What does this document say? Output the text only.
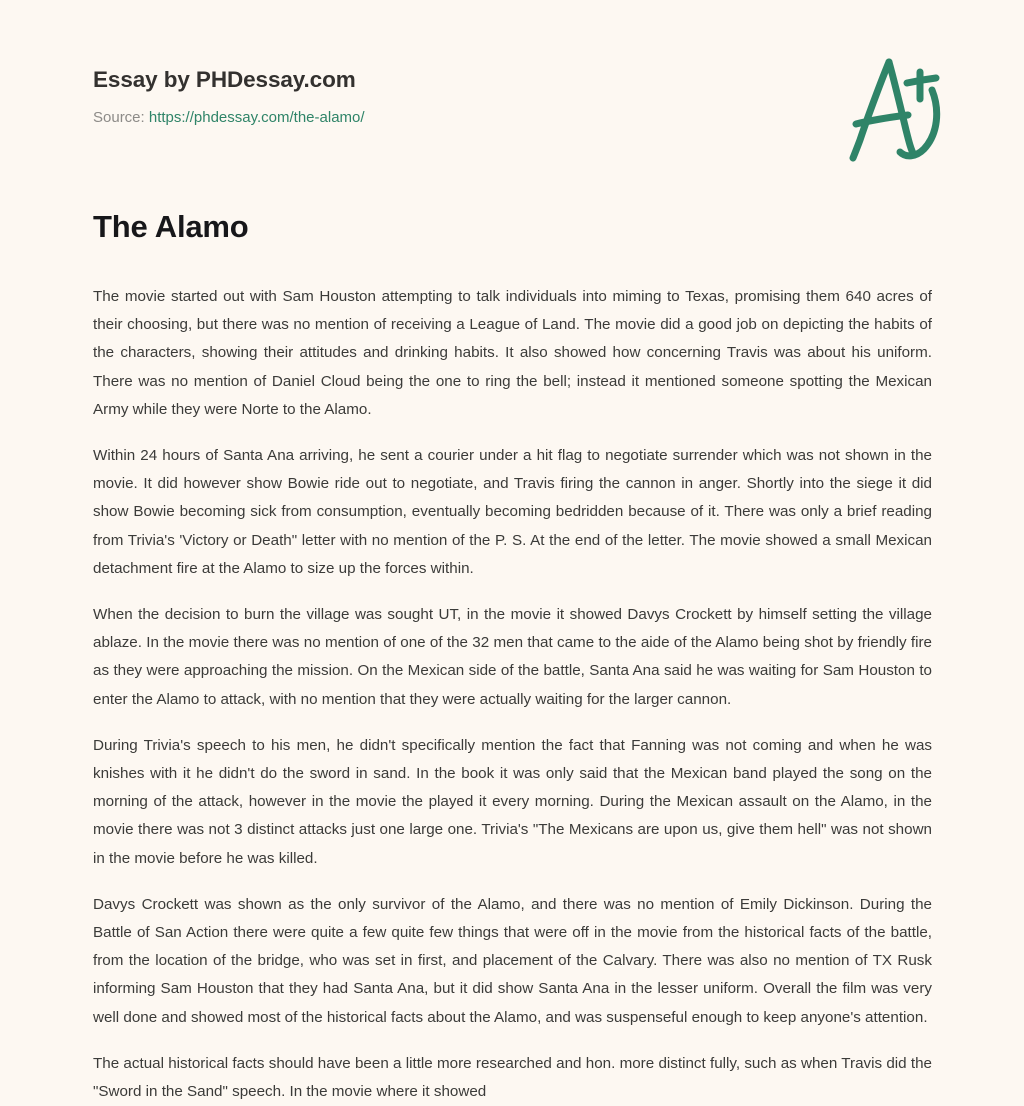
Essay by PHDessay.com

Source: https://phdessay.com/the-alamo/

The Alamo

The movie started out with Sam Houston attempting to talk individuals into miming to Texas, promising them 640 acres of their choosing, but there was no mention of receiving a League of Land. The movie did a good job on depicting the habits of the characters, showing their attitudes and drinking habits. It also showed how concerning Travis was about his uniform. There was no mention of Daniel Cloud being the one to ring the bell; instead it mentioned someone spotting the Mexican Army while they were Norte to the Alamo.

Within 24 hours of Santa Ana arriving, he sent a courier under a hit flag to negotiate surrender which was not shown in the movie. It did however show Bowie ride out to negotiate, and Travis firing the cannon in anger. Shortly into the siege it did show Bowie becoming sick from consumption, eventually becoming bedridden because of it. There was only a brief reading from Trivia's 'Victory or Death" letter with no mention of the P. S. At the end of the letter. The movie showed a small Mexican detachment fire at the Alamo to size up the forces within.

When the decision to burn the village was sought UT, in the movie it showed Davys Crockett by himself setting the village ablaze. In the movie there was no mention of one of the 32 men that came to the aide of the Alamo being shot by friendly fire as they were approaching the mission. On the Mexican side of the battle, Santa Ana said he was waiting for Sam Houston to enter the Alamo to attack, with no mention that they were actually waiting for the larger cannon.

During Trivia's speech to his men, he didn't specifically mention the fact that Fanning was not coming and when he was knishes with it he didn't do the sword in sand. In the book it was only said that the Mexican band played the song on the morning of the attack, however in the movie the played it every morning. During the Mexican assault on the Alamo, in the movie there was not 3 distinct attacks just one large one. Trivia's "The Mexicans are upon us, give them hell" was not shown in the movie before he was killed.

Davys Crockett was shown as the only survivor of the Alamo, and there was no mention of Emily Dickinson. During the Battle of San Action there were quite a few quite few things that were off in the movie from the historical facts of the battle, from the location of the bridge, who was set in first, and placement of the Calvary. There was also no mention of TX Rusk informing Sam Houston that they had Santa Ana, but it did show Santa Ana in the lesser uniform. Overall the film was very well done and showed most of the historical facts about the Alamo, and was suspenseful enough to keep anyone's attention.

The actual historical facts should have been a little more researched and hon. more distinct fully, such as when Travis did the "Sword in the Sand" speech. In the movie where it showed
